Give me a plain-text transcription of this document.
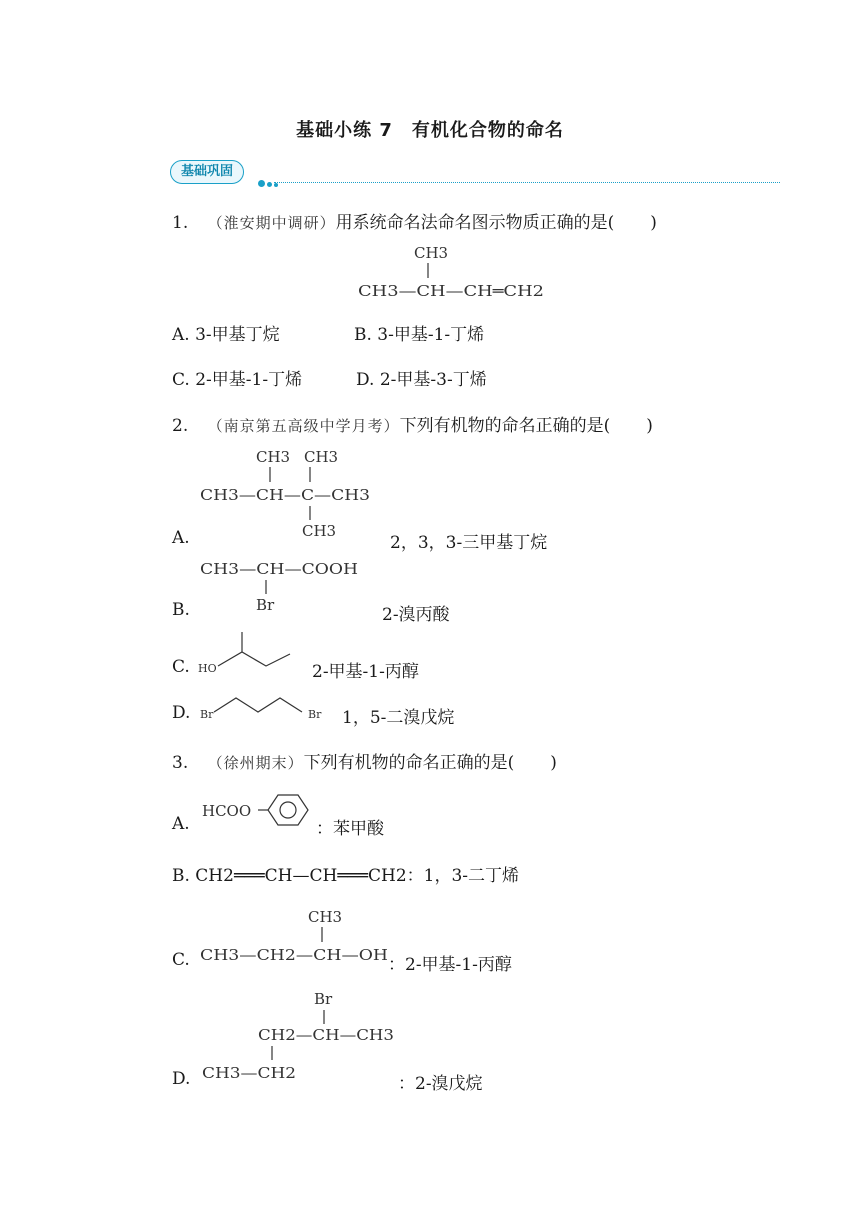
基础小练 7　有机化合物的命名
基础巩固
1. （淮安期中调研）用系统命名法命名图示物质正确的是( )
CH3
CH3—CH—CH═CH2
A. 3-甲基丁烷	B. 3-甲基-1-丁烯
C. 2-甲基-1-丁烯	D. 2-甲基-3-丁烯
2. （南京第五高级中学月考）下列有机物的命名正确的是( )
CH3 CH3
CH3—CH—C—CH3
CH3
A.	2，3，3-三甲基丁烷
CH3—CH—COOH
Br
B.	2-溴丙酸
HO
C.	2-甲基-1-丙醇
Br	Br
D.	1，5-二溴戊烷
3. （徐州期末）下列有机物的命名正确的是( )
HCOO
A.	：苯甲酸
B. CH2═══CH—CH═══CH2：1，3-二丁烯
CH3
CH3—CH2—CH—OH
C.	：2-甲基-1-丙醇
Br
CH2—CH—CH3
CH3—CH2
D.	：2-溴戊烷
